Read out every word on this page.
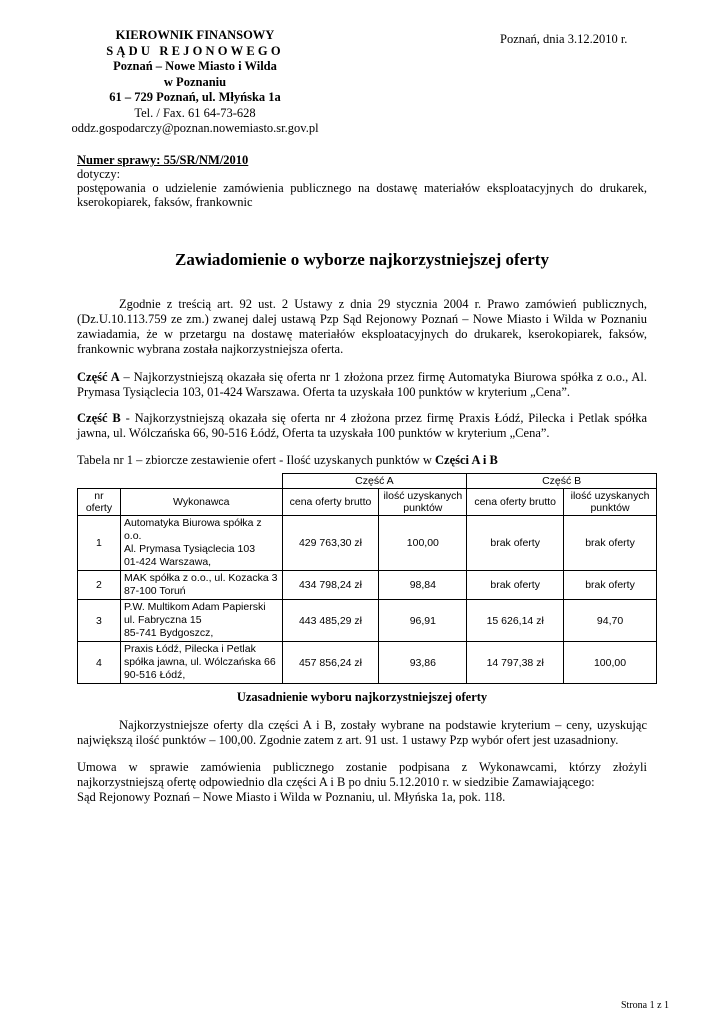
KIEROWNIK FINANSOWY
SĄDU REJONOWEGO
Poznań – Nowe Miasto i Wilda
w Poznaniu
61 – 729 Poznań, ul. Młyńska 1a
Tel. / Fax. 61 64-73-628
oddz.gospodarczy@poznan.nowemiasto.sr.gov.pl
Poznań, dnia 3.12.2010 r.
Numer sprawy: 55/SR/NM/2010
dotyczy:
postępowania o udzielenie zamówienia publicznego na dostawę materiałów eksploatacyjnych do drukarek, kserokopiarek, faksów, frankownic
Zawiadomienie o wyborze najkorzystniejszej oferty
Zgodnie z treścią art. 92 ust. 2 Ustawy z dnia 29 stycznia 2004 r. Prawo zamówień publicznych, (Dz.U.10.113.759 ze zm.) zwanej dalej ustawą Pzp Sąd Rejonowy Poznań – Nowe Miasto i Wilda w Poznaniu zawiadamia, że w przetargu na dostawę materiałów eksploatacyjnych do drukarek, kserokopiarek, faksów, frankownic wybrana została najkorzystniejsza oferta.
Część A – Najkorzystniejszą okazała się oferta nr 1 złożona przez firmę Automatyka Biurowa spółka z o.o., Al. Prymasa Tysiąclecia 103, 01-424 Warszawa. Oferta ta uzyskała 100 punktów w kryterium „Cena”.
Część B - Najkorzystniejszą okazała się oferta nr 4 złożona przez firmę Praxis Łódź, Pilecka i Petlak spółka jawna, ul. Wólczańska 66, 90-516 Łódź, Oferta ta uzyskała 100 punktów w kryterium „Cena”.
Tabela nr 1 – zbiorcze zestawienie ofert - Ilość uzyskanych punktów w Części A i B
		Część A		Część B	
nr oferty	Wykonawca	cena oferty brutto	ilość uzyskanych punktów	cena oferty brutto	ilość uzyskanych punktów
1	Automatyka Biurowa spółka z o.o.
Al. Prymasa Tysiąclecia 103
01-424 Warszawa,	429 763,30 zł	100,00	brak oferty	brak oferty
2	MAK spółka z o.o., ul. Kozacka 3
87-100 Toruń	434 798,24 zł	98,84	brak oferty	brak oferty
3	P.W. Multikom Adam Papierski
ul. Fabryczna 15
85-741 Bydgoszcz,	443 485,29 zł	96,91	15 626,14 zł	94,70
4	Praxis Łódź, Pilecka i Petlak
spółka jawna, ul. Wólczańska 66
90-516 Łódź,	457 856,24 zł	93,86	14 797,38 zł	100,00
Uzasadnienie wyboru najkorzystniejszej oferty
Najkorzystniejsze oferty dla części A i B, zostały wybrane na podstawie kryterium – ceny, uzyskując największą ilość punktów – 100,00. Zgodnie zatem z art. 91 ust. 1 ustawy Pzp wybór ofert jest uzasadniony.
Umowa w sprawie zamówienia publicznego zostanie podpisana z Wykonawcami, którzy złożyli najkorzystniejszą ofertę odpowiednio dla części A i B po dniu 5.12.2010 r. w siedzibie Zamawiającego:
Sąd Rejonowy Poznań – Nowe Miasto i Wilda w Poznaniu, ul. Młyńska 1a, pok. 118.
Strona 1 z 1
